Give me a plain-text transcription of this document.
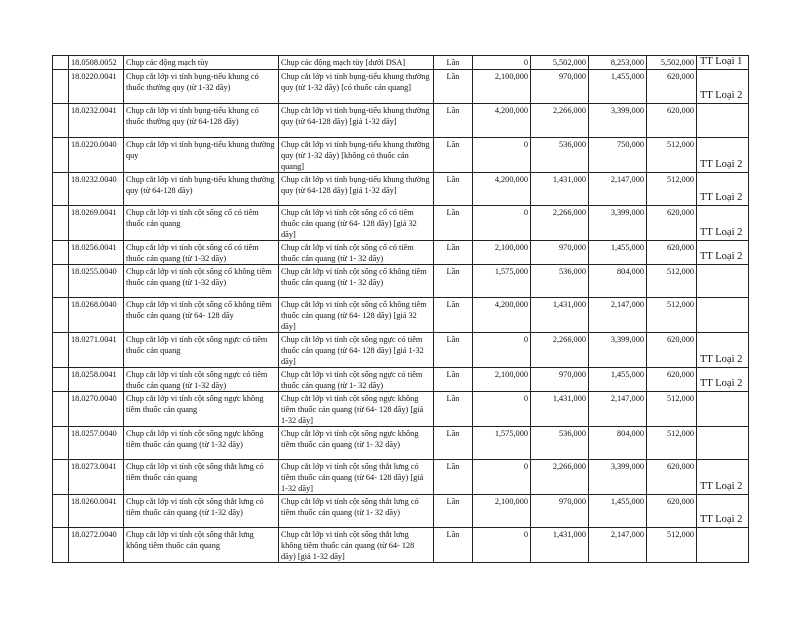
	18.0508.0052	Chụp các động mạch tùy	Chụp các động mạch tùy [dưới DSA]	Lần	0	5,502,000	8,253,000	5,502,000	TT Loại 1
	18.0220.0041	Chụp cắt lớp vi tính bụng-tiểu khung có thuốc thường quy (từ 1-32 dãy)	Chụp cắt lớp vi tính bụng-tiểu khung thường quy (từ 1-32 dãy) [có thuốc cản quang]	Lần	2,100,000	970,000	1,455,000	620,000	TT Loại 2
	18.0232.0041	Chụp cắt lớp vi tính bụng-tiểu khung có thuốc thường quy (từ 64-128 dãy)	Chụp cắt lớp vi tính bụng-tiểu khung thường quy (từ 64-128 dãy) [giá 1-32 dãy]	Lần	4,200,000	2,266,000	3,399,000	620,000	
	18.0220.0040	Chụp cắt lớp vi tính bụng-tiểu khung thường quy	Chụp cắt lớp vi tính bụng-tiểu khung thường quy (từ 1-32 dãy) [không có thuốc cản quang]	Lần	0	536,000	750,000	512,000	TT Loại 2
	18.0232.0040	Chụp cắt lớp vi tính bụng-tiểu khung thường quy (từ 64-128 dãy)	Chụp cắt lớp vi tính bụng-tiểu khung thường quy (từ 64-128 dãy) [giá 1-32 dãy]	Lần	4,200,000	1,431,000	2,147,000	512,000	TT Loại 2
	18.0269.0041	Chụp cắt lớp vi tính cột sống cổ có tiêm thuốc cản quang	Chụp cắt lớp vi tính cột sống cổ có tiêm thuốc cản quang (từ 64- 128 dãy) [giá 32 dãy]	Lần	0	2,266,000	3,399,000	620,000	TT Loại 2
	18.0256.0041	Chụp cắt lớp vi tính cột sống cổ có tiêm thuốc cản quang (từ 1-32 dãy)	Chụp cắt lớp vi tính cột sống cổ có tiêm thuốc cản quang (từ 1- 32 dãy)	Lần	2,100,000	970,000	1,455,000	620,000	TT Loại 2
	18.0255.0040	Chụp cắt lớp vi tính cột sống cổ không tiêm thuốc cản quang (từ 1-32 dãy)	Chụp cắt lớp vi tính cột sống cổ không tiêm thuốc cản quang (từ 1- 32 dãy)	Lần	1,575,000	536,000	804,000	512,000	
	18.0268.0040	Chụp cắt lớp vi tính cột sống cổ không tiêm thuốc cản quang (từ 64- 128 dãy	Chụp cắt lớp vi tính cột sống cổ không tiêm thuốc cản quang (từ 64- 128 dãy) [giá 32 dãy]	Lần	4,200,000	1,431,000	2,147,000	512,000	
	18.0271.0041	Chụp cắt lớp vi tính cột sống ngực có tiêm thuốc cản quang	Chụp cắt lớp vi tính cột sống ngực có tiêm thuốc cản quang (từ 64- 128 dãy) [giá 1-32 dãy]	Lần	0	2,266,000	3,399,000	620,000	TT Loại 2
	18.0258.0041	Chụp cắt lớp vi tính cột sống ngực có tiêm thuốc cản quang (từ 1-32 dãy)	Chụp cắt lớp vi tính cột sống ngực có tiêm thuốc cản quang (từ 1- 32 dãy)	Lần	2,100,000	970,000	1,455,000	620,000	TT Loại 2
	18.0270.0040	Chụp cắt lớp vi tính cột sống ngực không tiêm thuốc cản quang	Chụp cắt lớp vi tính cột sống ngực không tiêm thuốc cản quang (từ 64- 128 dãy) [giá 1-32 dãy]	Lần	0	1,431,000	2,147,000	512,000	
	18.0257.0040	Chụp cắt lớp vi tính cột sống ngực không tiêm thuốc cản quang (từ 1-32 dãy)	Chụp cắt lớp vi tính cột sống ngực không tiêm thuốc cản quang (từ 1- 32 dãy)	Lần	1,575,000	536,000	804,000	512,000	
	18.0273.0041	Chụp cắt lớp vi tính cột sống thắt lưng có tiêm thuốc cản quang	Chụp cắt lớp vi tính cột sống thắt lưng có tiêm thuốc cản quang (từ 64- 128 dãy) [giá 1-32 dãy]	Lần	0	2,266,000	3,399,000	620,000	TT Loại 2
	18.0260.0041	Chụp cắt lớp vi tính cột sống thắt lưng có tiêm thuốc cản quang (từ 1-32 dãy)	Chụp cắt lớp vi tính cột sống thắt lưng có tiêm thuốc cản quang (từ 1- 32 dãy)	Lần	2,100,000	970,000	1,455,000	620,000	TT Loại 2
	18.0272.0040	Chụp cắt lớp vi tính cột sống thắt lưng không tiêm thuốc cản quang	Chụp cắt lớp vi tính cột sống thắt lưng không tiêm thuốc cản quang (từ 64- 128 dãy) [giá 1-32 dãy]	Lần	0	1,431,000	2,147,000	512,000	
